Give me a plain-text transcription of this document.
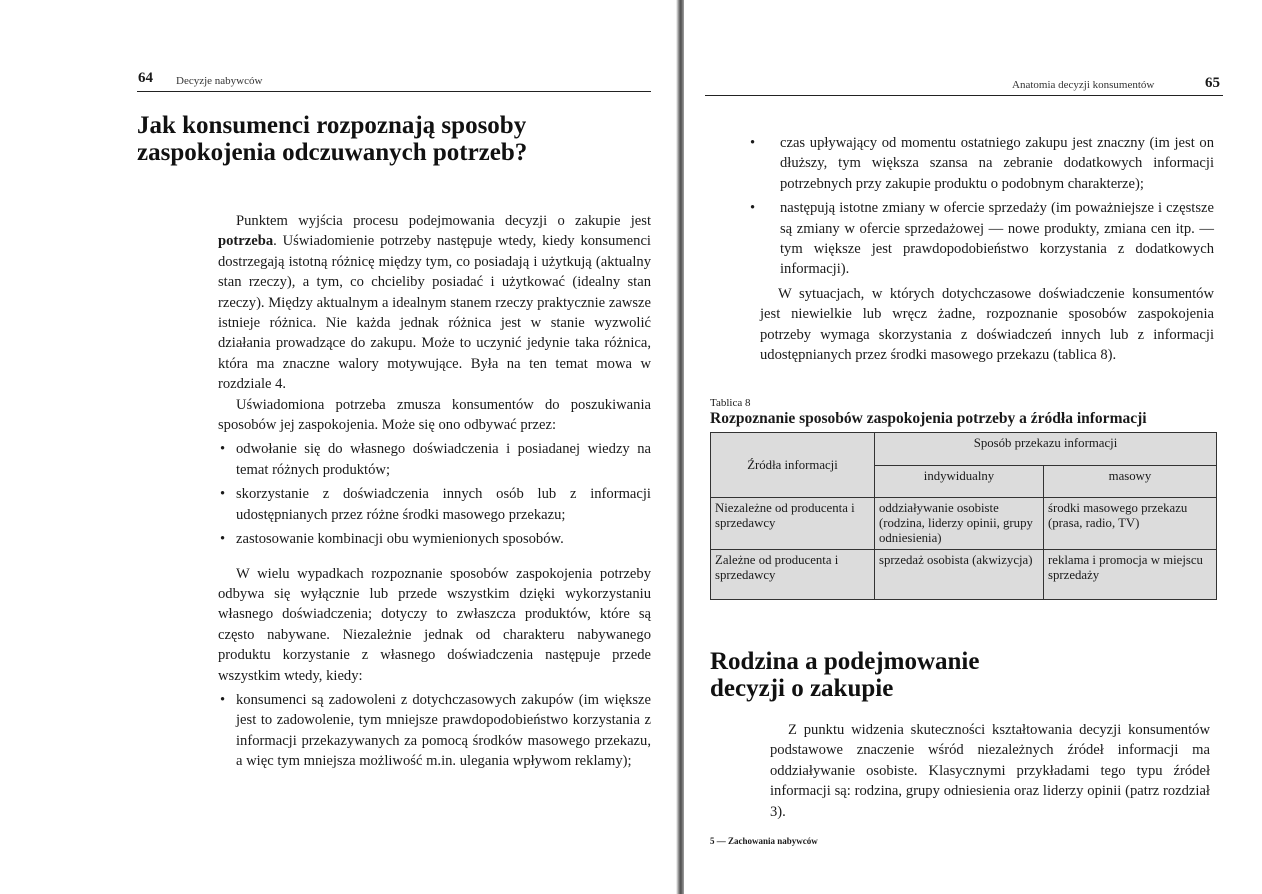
64 Decyzje nabywców
Jak konsumenci rozpoznają sposoby zaspokojenia odczuwanych potrzeb?

Punktem wyjścia procesu podejmowania decyzji o zakupie jest potrzeba. Uświadomienie potrzeby następuje wtedy, kiedy konsumenci dostrzegają istotną różnicę między tym, co posiadają i użytkują (aktualny stan rzeczy), a tym, co chcieliby posiadać i użytkować (idealny stan rzeczy). Między aktualnym a idealnym stanem rzeczy praktycznie zawsze istnieje różnica. Nie każda jednak różnica jest w stanie wyzwolić działania prowadzące do zakupu. Może to uczynić jedynie taka różnica, która ma znaczne walory motywujące. Była na ten temat mowa w rozdziale 4.

Uświadomiona potrzeba zmusza konsumentów do poszukiwania sposobów jej zaspokojenia. Może się ono odbywać przez:

• odwołanie się do własnego doświadczenia i posiadanej wiedzy na temat różnych produktów;
• skorzystanie z doświadczenia innych osób lub z informacji udostępnianych przez różne środki masowego przekazu;
• zastosowanie kombinacji obu wymienionych sposobów.

W wielu wypadkach rozpoznanie sposobów zaspokojenia potrzeby odbywa się wyłącznie lub przede wszystkim dzięki wykorzystaniu własnego doświadczenia; dotyczy to zwłaszcza produktów, które są często nabywane. Niezależnie jednak od charakteru nabywanego produktu korzystanie z własnego doświadczenia następuje przede wszystkim wtedy, kiedy:

• konsumenci są zadowoleni z dotychczasowych zakupów (im większe jest to zadowolenie, tym mniejsze prawdopodobieństwo korzystania z informacji przekazywanych za pomocą środków masowego przekazu, a więc tym mniejsza możliwość m.in. ulegania wpływom reklamy);
Anatomia decyzji konsumentów	65
• czas upływający od momentu ostatniego zakupu jest znaczny (im jest on dłuższy, tym większa szansa na zebranie dodatkowych informacji potrzebnych przy zakupie produktu o podobnym charakterze);
• następują istotne zmiany w ofercie sprzedaży (im poważniejsze i częstsze są zmiany w ofercie sprzedażowej — nowe produkty, zmiana cen itp. — tym większe jest prawdopodobieństwo korzystania z dodatkowych informacji).

W sytuacjach, w których dotychczasowe doświadczenie konsumentów jest niewielkie lub wręcz żadne, rozpoznanie sposobów zaspokojenia potrzeby wymaga skorzystania z doświadczeń innych lub z informacji udostępnianych przez środki masowego przekazu (tablica 8).

Tablica 8
Rozpoznanie sposobów zaspokojenia potrzeby a źródła informacji
Źródła informacji	Sposób przekazu informacji	
	indywidualny	masowy
Niezależne od producenta i sprzedawcy	oddziaływanie osobiste (rodzina, liderzy opinii, grupy odniesienia)	środki masowego przekazu (prasa, radio, TV)
Zależne od producenta i sprzedawcy	sprzedaż osobista (akwizycja)	reklama i promocja w miejscu sprzedaży
Rodzina a podejmowanie decyzji o zakupie

Z punktu widzenia skuteczności kształtowania decyzji konsumentów podstawowe znaczenie wśród niezależnych źródeł informacji ma oddziaływanie osobiste. Klasycznymi przykładami tego typu źródeł informacji są: rodzina, grupy odniesienia oraz liderzy opinii (patrz rozdział 3).

5 — Zachowania nabywców
